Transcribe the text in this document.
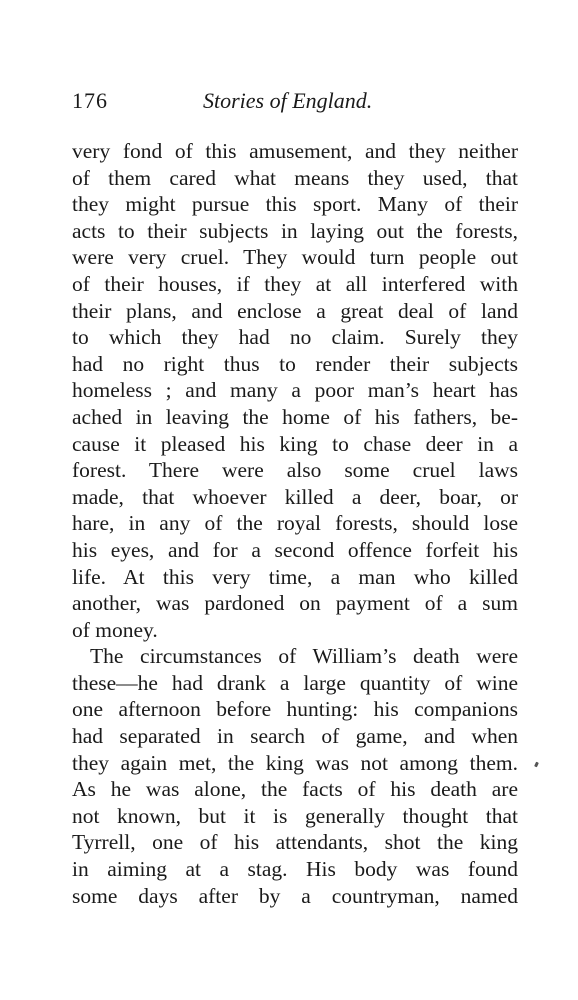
176	Stories of England.
very fond of this amusement, and they neither
of them cared what means they used, that
they might pursue this sport. Many of their
acts to their subjects in laying out the forests,
were very cruel. They would turn people out
of their houses, if they at all interfered with
their plans, and enclose a great deal of land
to which they had no claim. Surely they
had no right thus to render their subjects
homeless ; and many a poor man’s heart has
ached in leaving the home of his fathers, be-
cause it pleased his king to chase deer in a
forest. There were also some cruel laws
made, that whoever killed a deer, boar, or
hare, in any of the royal forests, should lose
his eyes, and for a second offence forfeit his
life. At this very time, a man who killed
another, was pardoned on payment of a sum
of money.
The circumstances of William’s death were
these—he had drank a large quantity of wine
one afternoon before hunting: his companions
had separated in search of game, and when
they again met, the king was not among them.
As he was alone, the facts of his death are
not known, but it is generally thought that
Tyrrell, one of his attendants, shot the king
in aiming at a stag. His body was found
some days after by a countryman, named
